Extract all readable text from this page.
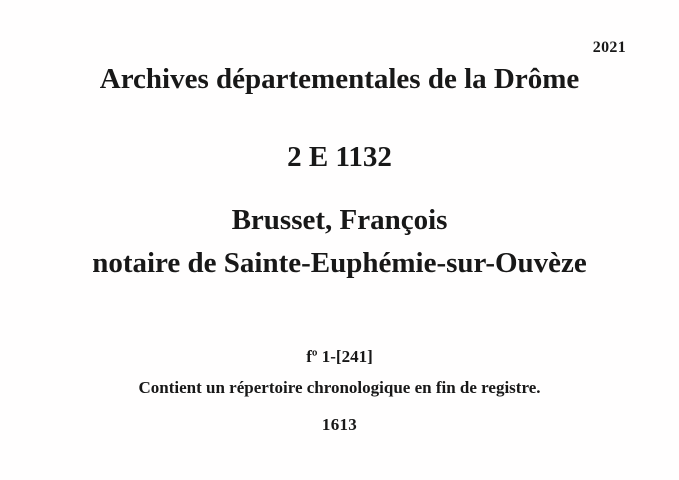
2021
Archives départementales de la Drôme
2 E 1132
Brusset, François
notaire de Sainte-Euphémie-sur-Ouvèze
fº 1-[241]
Contient un répertoire chronologique en fin de registre.
1613
